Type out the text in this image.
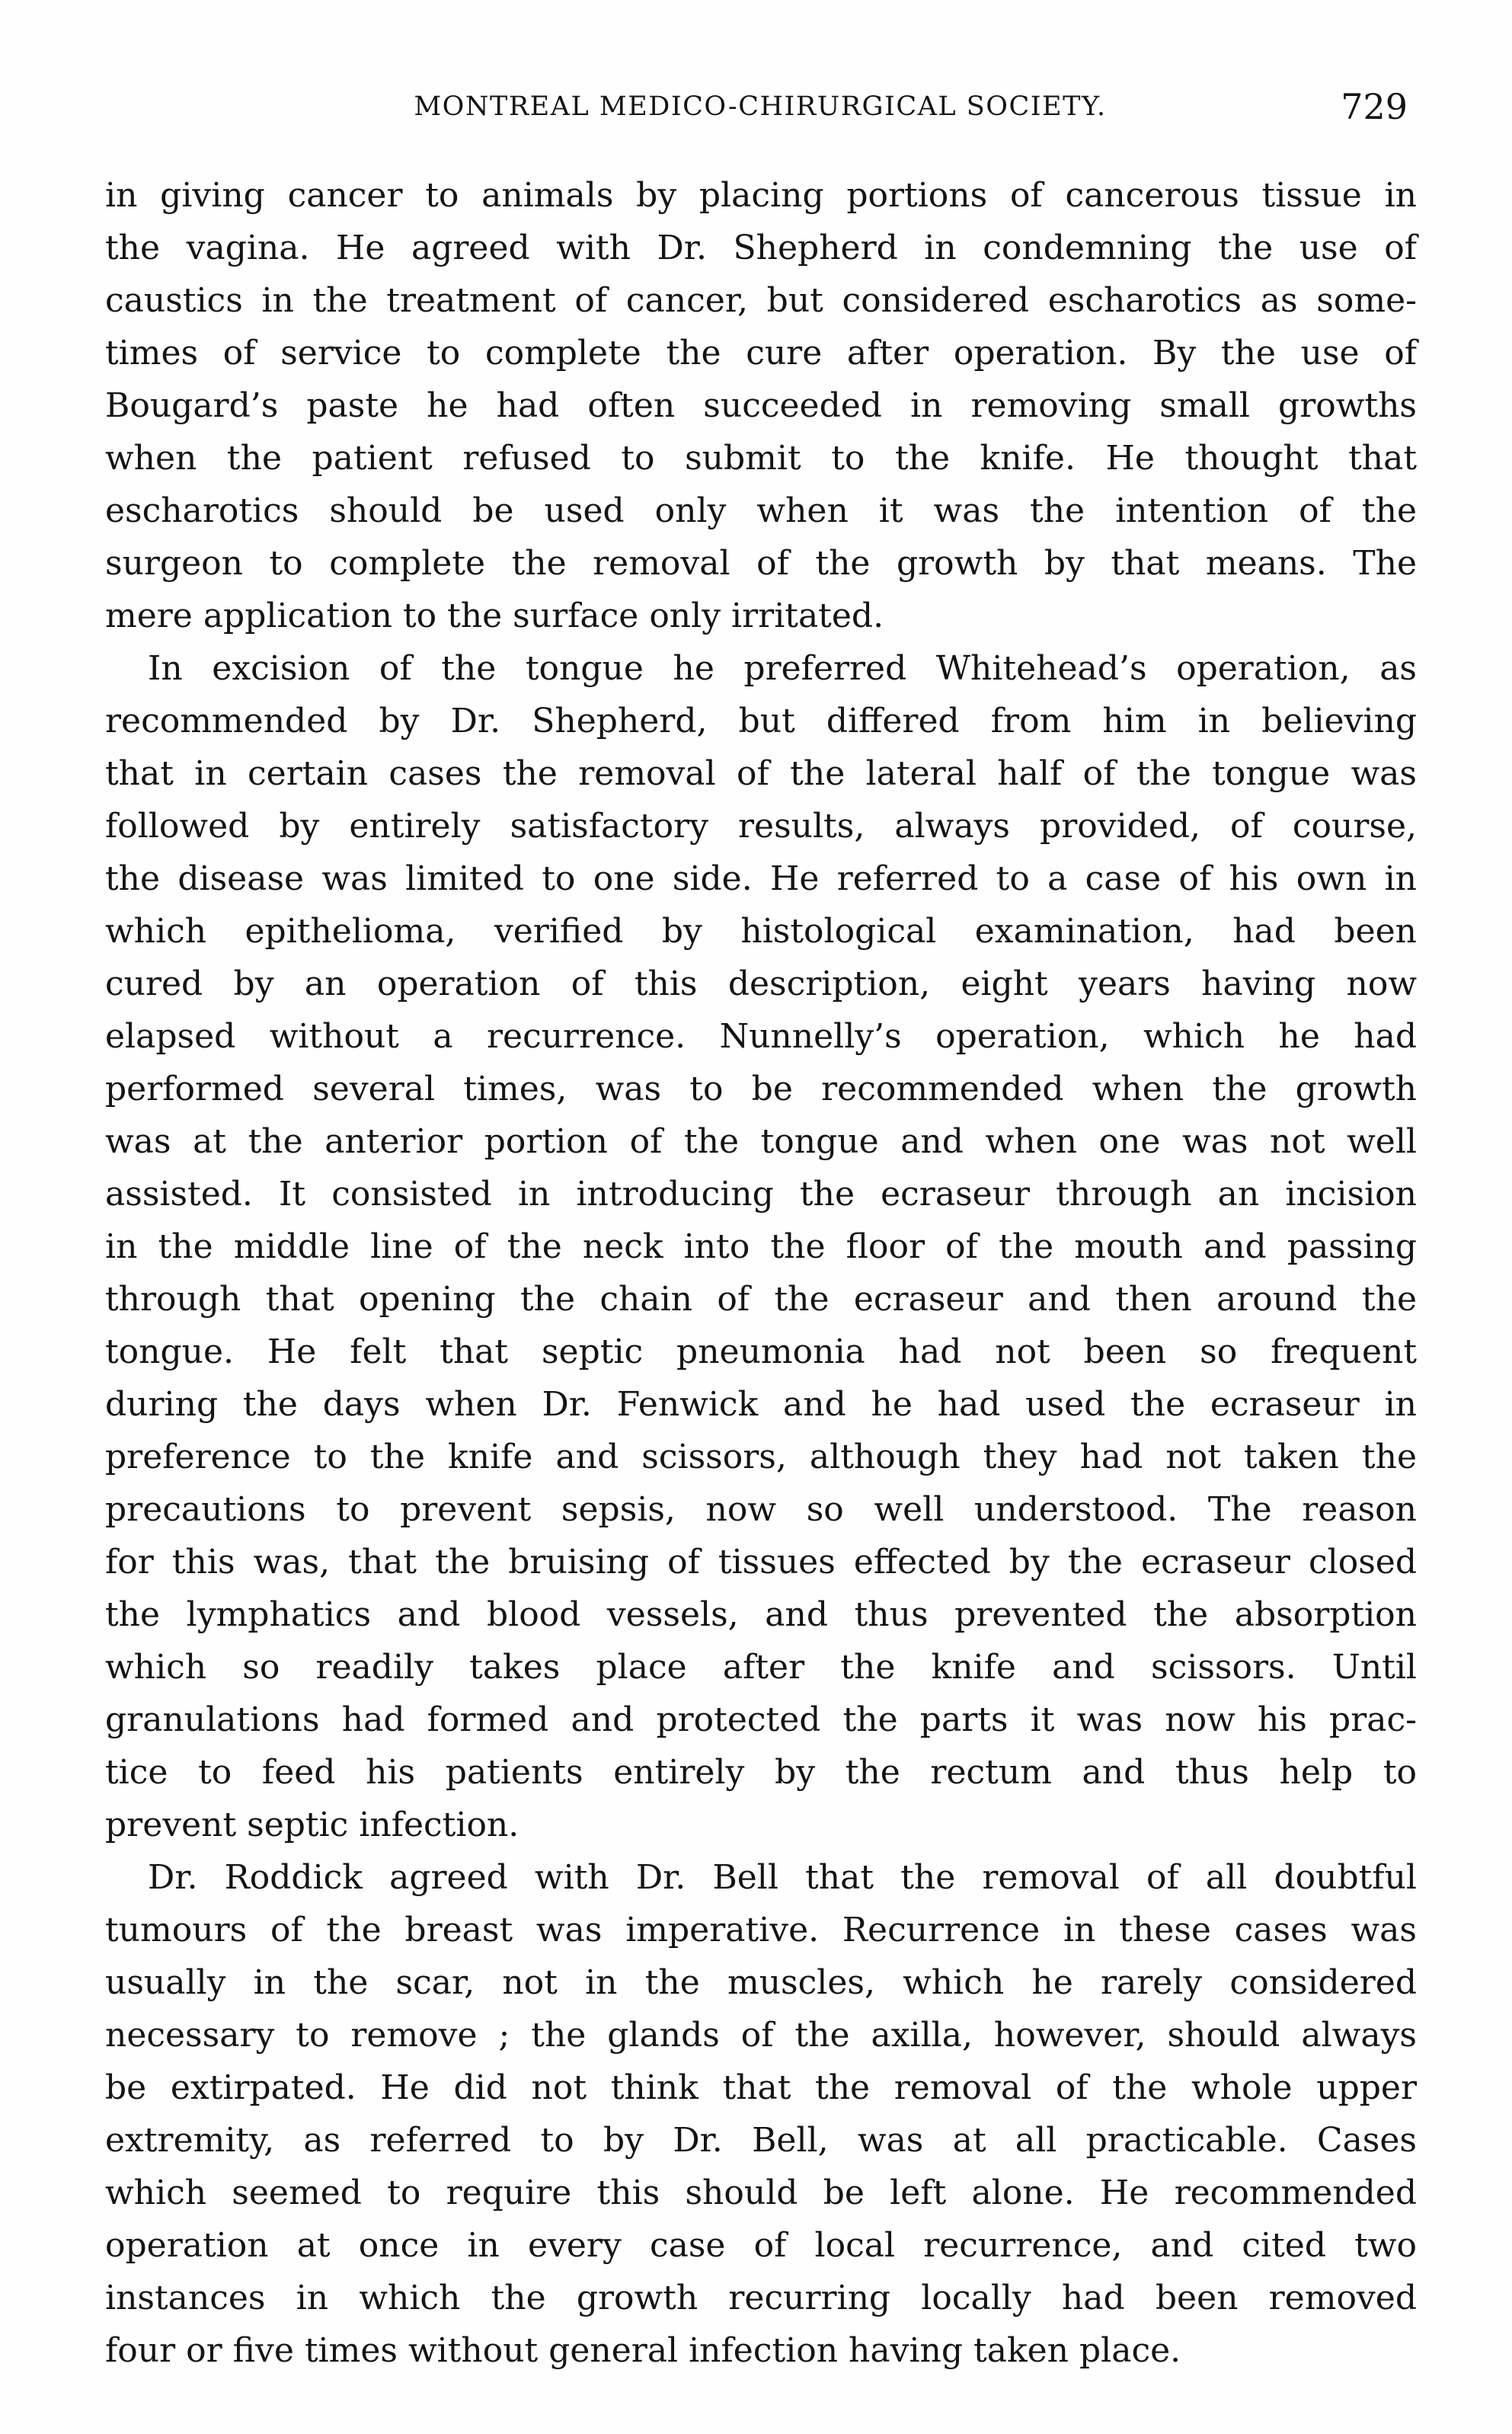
MONTREAL MEDICO-CHIRURGICAL SOCIETY.	729
in giving cancer to animals by placing portions of cancerous tissue in
the vagina. He agreed with Dr. Shepherd in condemning the use of
caustics in the treatment of cancer, but considered escharotics as some-
times of service to complete the cure after operation. By the use of
Bougard’s paste he had often succeeded in removing small growths
when the patient refused to submit to the knife. He thought that
escharotics should be used only when it was the intention of the
surgeon to complete the removal of the growth by that means. The
mere application to the surface only irritated.
In excision of the tongue he preferred Whitehead’s operation, as
recommended by Dr. Shepherd, but differed from him in believing
that in certain cases the removal of the lateral half of the tongue was
followed by entirely satisfactory results, always provided, of course,
the disease was limited to one side. He referred to a case of his own in
which epithelioma, verified by histological examination, had been
cured by an operation of this description, eight years having now
elapsed without a recurrence. Nunnelly’s operation, which he had
performed several times, was to be recommended when the growth
was at the anterior portion of the tongue and when one was not well
assisted. It consisted in introducing the ecraseur through an incision
in the middle line of the neck into the floor of the mouth and passing
through that opening the chain of the ecraseur and then around the
tongue. He felt that septic pneumonia had not been so frequent
during the days when Dr. Fenwick and he had used the ecraseur in
preference to the knife and scissors, although they had not taken the
precautions to prevent sepsis, now so well understood. The reason
for this was, that the bruising of tissues effected by the ecraseur closed
the lymphatics and blood vessels, and thus prevented the absorption
which so readily takes place after the knife and scissors. Until
granulations had formed and protected the parts it was now his prac-
tice to feed his patients entirely by the rectum and thus help to
prevent septic infection.
Dr. Roddick agreed with Dr. Bell that the removal of all doubtful
tumours of the breast was imperative. Recurrence in these cases was
usually in the scar, not in the muscles, which he rarely considered
necessary to remove ; the glands of the axilla, however, should always
be extirpated. He did not think that the removal of the whole upper
extremity, as referred to by Dr. Bell, was at all practicable. Cases
which seemed to require this should be left alone. He recommended
operation at once in every case of local recurrence, and cited two
instances in which the growth recurring locally had been removed
four or five times without general infection having taken place.
